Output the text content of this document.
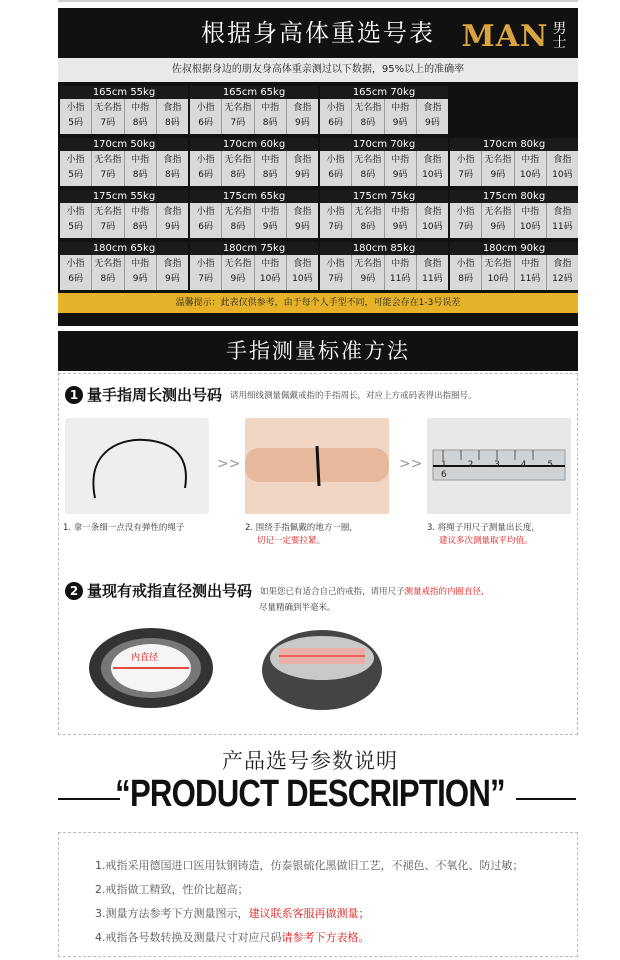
根据身高体重选号表
佐叔根据身边的朋友身高体重亲测过以下数据，95%以上的准确率
165cm 55kg
小指
5码
无名指
7码
中指
8码
食指
8码
165cm 65kg
小指
6码
无名指
7码
中指
8码
食指
9码
165cm 70kg
小指
6码
无名指
8码
中指
9码
食指
9码
170cm 50kg
小指
5码
无名指
7码
中指
8码
食指
8码
170cm 60kg
小指
6码
无名指
8码
中指
8码
食指
9码
170cm 70kg
小指
6码
无名指
8码
中指
9码
食指
10码
170cm 80kg
小指
7码
无名指
9码
中指
10码
食指
10码
175cm 55kg
小指
5码
无名指
7码
中指
8码
食指
9码
175cm 65kg
小指
6码
无名指
8码
中指
9码
食指
9码
175cm 75kg
小指
7码
无名指
8码
中指
9码
食指
10码
175cm 80kg
小指
7码
无名指
9码
中指
10码
食指
11码
180cm 65kg
小指
6码
无名指
8码
中指
9码
食指
9码
180cm 75kg
小指
7码
无名指
9码
中指
10码
食指
10码
180cm 85kg
小指
7码
无名指
9码
中指
11码
食指
11码
180cm 90kg
小指
8码
无名指
10码
中指
11码
食指
12码
MAN 男士
温馨提示：此表仅供参考，由于每个人手型不同，可能会存在1-3号误差
手指测量标准方法
1 量手指周长测出号码 请用细线测量佩戴戒指的手指周长，对应上方戒码表得出指圈号。
>>	>> 1 2 3 4 5 6
1. 拿一条细一点没有弹性的绳子	2. 围绕手指佩戴的地方一圈，
切记一定要拉紧。
3. 将绳子用尺子测量出长度，
建议多次测量取平均值。
2 量现有戒指直径测出号码 如果您已有适合自己的戒指，请用尺子测量戒指的内圈直径,
尽量精确到半毫米。
内直径
产品选号参数说明
“PRODUCT DESCRIPTION”
1.戒指采用德国进口医用钛钢铸造，仿泰银硫化黑做旧工艺，不褪色、不氧化、防过敏；
2.戒指做工精致，性价比超高；
3.测量方法参考下方测量图示，建议联系客服再做测量；
4.戒指各号数转换及测量尺寸对应尺码请参考下方表格。
